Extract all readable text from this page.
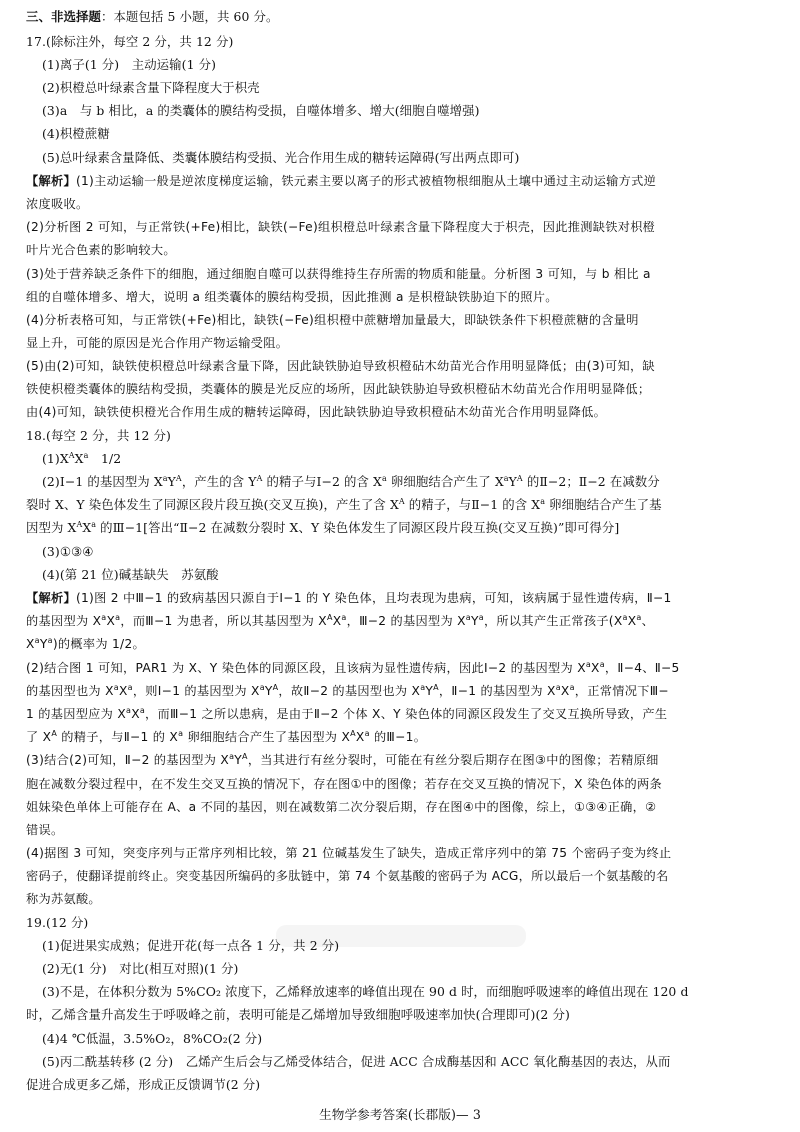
三、非选择题：本题包括 5 小题，共 60 分。
17.(除标注外，每空 2 分，共 12 分)
(1)离子(1 分)　主动运输(1 分)
(2)枳橙总叶绿素含量下降程度大于枳壳
(3)a　与 b 相比，a 的类囊体的膜结构受损，自噬体增多、增大(细胞自噬增强)
(4)枳橙蔗糖
(5)总叶绿素含量降低、类囊体膜结构受损、光合作用生成的糖转运障碍(写出两点即可)
【解析】(1)主动运输一般是逆浓度梯度运输，铁元素主要以离子的形式被植物根细胞从土壤中通过主动运输方式逆
浓度吸收。
(2)分析图 2 可知，与正常铁(+Fe)相比，缺铁(−Fe)组枳橙总叶绿素含量下降程度大于枳壳，因此推测缺铁对枳橙
叶片光合色素的影响较大。
(3)处于营养缺乏条件下的细胞，通过细胞自噬可以获得维持生存所需的物质和能量。分析图 3 可知，与 b 相比 a
组的自噬体增多、增大，说明 a 组类囊体的膜结构受损，因此推测 a 是枳橙缺铁胁迫下的照片。
(4)分析表格可知，与正常铁(+Fe)相比，缺铁(−Fe)组枳橙中蔗糖增加量最大，即缺铁条件下枳橙蔗糖的含量明
显上升，可能的原因是光合作用产物运输受阻。
(5)由(2)可知，缺铁使枳橙总叶绿素含量下降，因此缺铁胁迫导致枳橙砧木幼苗光合作用明显降低；由(3)可知，缺
铁使枳橙类囊体的膜结构受损，类囊体的膜是光反应的场所，因此缺铁胁迫导致枳橙砧木幼苗光合作用明显降低；
由(4)可知，缺铁使枳橙光合作用生成的糖转运障碍，因此缺铁胁迫导致枳橙砧木幼苗光合作用明显降低。
18.(每空 2 分，共 12 分)
$(1)X^AX^a$　1/2
(2)Ⅰ−1 的基因型为 $X^aY^A$，产生的含 $Y^A$ 的精子与Ⅰ−2 的含 $X^a$ 卵细胞结合产生了 $X^aY^A$ 的Ⅱ−2；Ⅱ−2 在减数分
裂时 X、Y 染色体发生了同源区段片段互换(交叉互换)，产生了含 $X^A$ 的精子，与Ⅱ−1 的含 $X^a$ 卵细胞结合产生了基
因型为 $X^AX^a$ 的Ⅲ−1[答出“Ⅱ−2 在减数分裂时 X、Y 染色体发生了同源区段片段互换(交叉互换)”即可得分]
(3)①③④
(4)(第 21 位)碱基缺失　苏氨酸
【解析】(1)图 2 中Ⅲ−1 的致病基因只源自于Ⅰ−1 的 Y 染色体，且均表现为患病，可知，该病属于显性遗传病，Ⅱ−1
的基因型为 $X^aX^a$，而Ⅲ−1 为患者，所以其基因型为 $X^AX^a$，Ⅲ−2 的基因型为 $X^aY^a$，所以其产生正常孩子($X^aX^a$、
$X^aY^a$)的概率为 1/2。
(2)结合图 1 可知，PAR1 为 X、Y 染色体的同源区段，且该病为显性遗传病，因此Ⅰ−2 的基因型为 $X^aX^a$，Ⅱ−4、Ⅱ−5
的基因型也为 $X^aX^a$，则Ⅰ−1 的基因型为 $X^aY^A$，故Ⅱ−2 的基因型也为 $X^aY^A$，Ⅱ−1 的基因型为 $X^aX^a$，正常情况下Ⅲ−
1 的基因型应为 $X^aX^a$，而Ⅲ−1 之所以患病，是由于Ⅱ−2 个体 X、Y 染色体的同源区段发生了交叉互换所导致，产生
了 $X^A$ 的精子，与Ⅱ−1 的 $X^a$ 卵细胞结合产生了基因型为 $X^AX^a$ 的Ⅲ−1。
(3)结合(2)可知，Ⅱ−2 的基因型为 $X^aY^A$，当其进行有丝分裂时，可能在有丝分裂后期存在图③中的图像；若精原细
胞在减数分裂过程中，在不发生交叉互换的情况下，存在图①中的图像；若存在交叉互换的情况下，X 染色体的两条
姐妹染色单体上可能存在 A、a 不同的基因，则在减数第二次分裂后期，存在图④中的图像，综上，①③④正确，②
错误。
(4)据图 3 可知，突变序列与正常序列相比较，第 21 位碱基发生了缺失，造成正常序列中的第 75 个密码子变为终止
密码子，使翻译提前终止。突变基因所编码的多肽链中，第 74 个氨基酸的密码子为 ACG，所以最后一个氨基酸的名
称为苏氨酸。
19.(12 分)
(1)促进果实成熟；促进开花(每一点各 1 分，共 2 分)
(2)无(1 分)　对比(相互对照)(1 分)
(3)不是，在体积分数为 5%CO₂ 浓度下，乙烯释放速率的峰值出现在 90 d 时，而细胞呼吸速率的峰值出现在 120 d
时，乙烯含量升高发生于呼吸峰之前，表明可能是乙烯增加导致细胞呼吸速率加快(合理即可)(2 分)
(4)4 ℃低温，3.5%O₂，8%CO₂(2 分)
(5)丙二酰基转移 (2 分)　乙烯产生后会与乙烯受体结合，促进 ACC 合成酶基因和 ACC 氧化酶基因的表达，从而
促进合成更多乙烯，形成正反馈调节(2 分)
生物学参考答案(长郡版)— 3
